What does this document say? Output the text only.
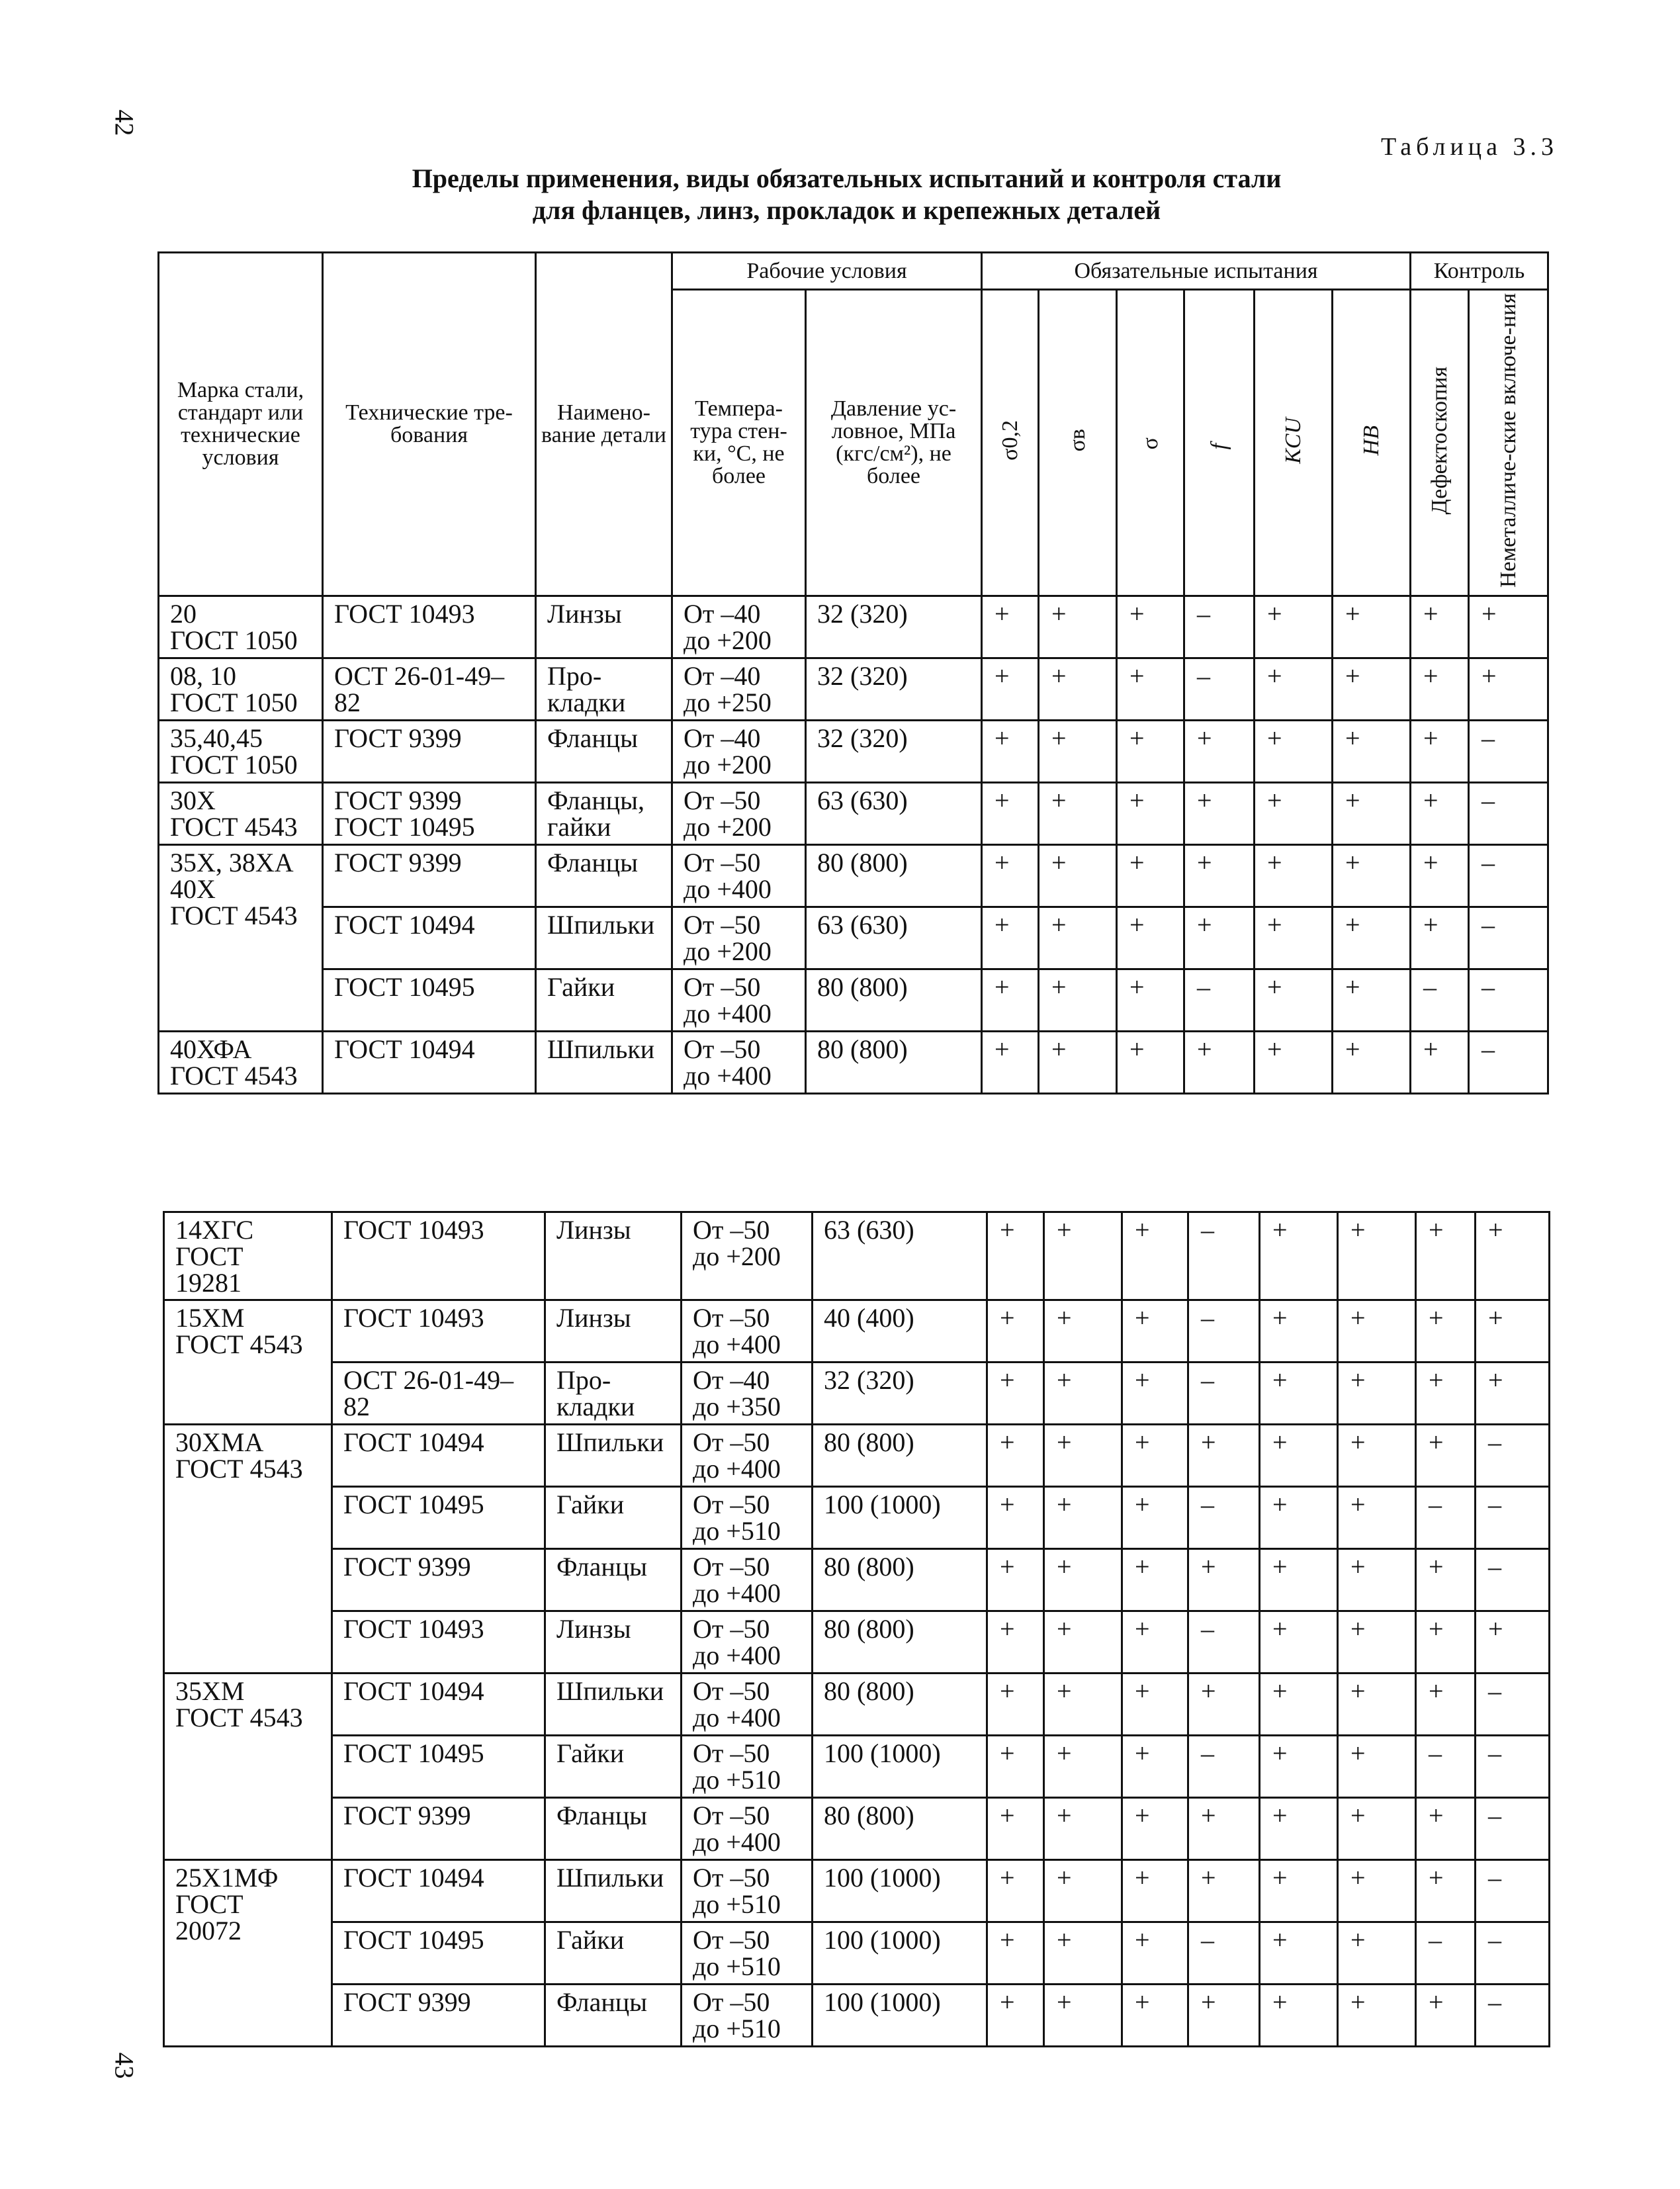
42
Таблица 3.3
Пределы применения, виды обязательных испытаний и контроля стали
для фланцев, линз, прокладок и крепежных деталей
Марка стали, стандарт или технические условия	Технические тре-бования	Наимено-вание детали	Рабочие условия		Обязательные испытания						Контроль	
			Темпера-тура стен-ки, °С, не более	Давление ус-ловное, МПа (кгс/см²), не более	σ0,2	σв	σ	f	KCU	HB	Дефектоскопия	Неметалличе-ские включе-ния
20
ГОСТ 1050	ГОСТ 10493	Линзы	От –40
до +200	32 (320)	+	+	+	–	+	+	+	+
08, 10
ГОСТ 1050	ОСТ 26-01-49–
82	Про-
кладки	От –40
до +250	32 (320)	+	+	+	–	+	+	+	+
35,40,45
ГОСТ 1050	ГОСТ 9399	Фланцы	От –40
до +200	32 (320)	+	+	+	+	+	+	+	–
30Х
ГОСТ 4543	ГОСТ 9399
ГОСТ 10495	Фланцы,
гайки	От –50
до +200	63 (630)	+	+	+	+	+	+	+	–
35Х, 38ХА
40Х
ГОСТ 4543	ГОСТ 9399	Фланцы	От –50
до +400	80 (800)	+	+	+	+	+	+	+	–
	ГОСТ 10494	Шпильки	От –50
до +200	63 (630)	+	+	+	+	+	+	+	–
	ГОСТ 10495	Гайки	От –50
до +400	80 (800)	+	+	+	–	+	+	–	–
40ХФА
ГОСТ 4543	ГОСТ 10494	Шпильки	От –50
до +400	80 (800)	+	+	+	+	+	+	+	–
14ХГС
ГОСТ
19281	ГОСТ 10493	Линзы	От –50
до +200	63 (630)	+	+	+	–	+	+	+	+
15ХМ
ГОСТ 4543	ГОСТ 10493	Линзы	От –50
до +400	40 (400)	+	+	+	–	+	+	+	+
	ОСТ 26-01-49–82	Про-
кладки	От –40
до +350	32 (320)	+	+	+	–	+	+	+	+
30ХМА
ГОСТ 4543	ГОСТ 10494	Шпильки	От –50
до +400	80 (800)	+	+	+	+	+	+	+	–
	ГОСТ 10495	Гайки	От –50
до +510	100 (1000)	+	+	+	–	+	+	–	–
	ГОСТ 9399	Фланцы	От –50
до +400	80 (800)	+	+	+	+	+	+	+	–
	ГОСТ 10493	Линзы	От –50
до +400	80 (800)	+	+	+	–	+	+	+	+
35ХМ
ГОСТ 4543	ГОСТ 10494	Шпильки	От –50
до +400	80 (800)	+	+	+	+	+	+	+	–
	ГОСТ 10495	Гайки	От –50
до +510	100 (1000)	+	+	+	–	+	+	–	–
	ГОСТ 9399	Фланцы	От –50
до +400	80 (800)	+	+	+	+	+	+	+	–
25Х1МФ
ГОСТ
20072	ГОСТ 10494	Шпильки	От –50
до +510	100 (1000)	+	+	+	+	+	+	+	–
	ГОСТ 10495	Гайки	От –50
до +510	100 (1000)	+	+	+	–	+	+	–	–
	ГОСТ 9399	Фланцы	От –50
до +510	100 (1000)	+	+	+	+	+	+	+	–
43
